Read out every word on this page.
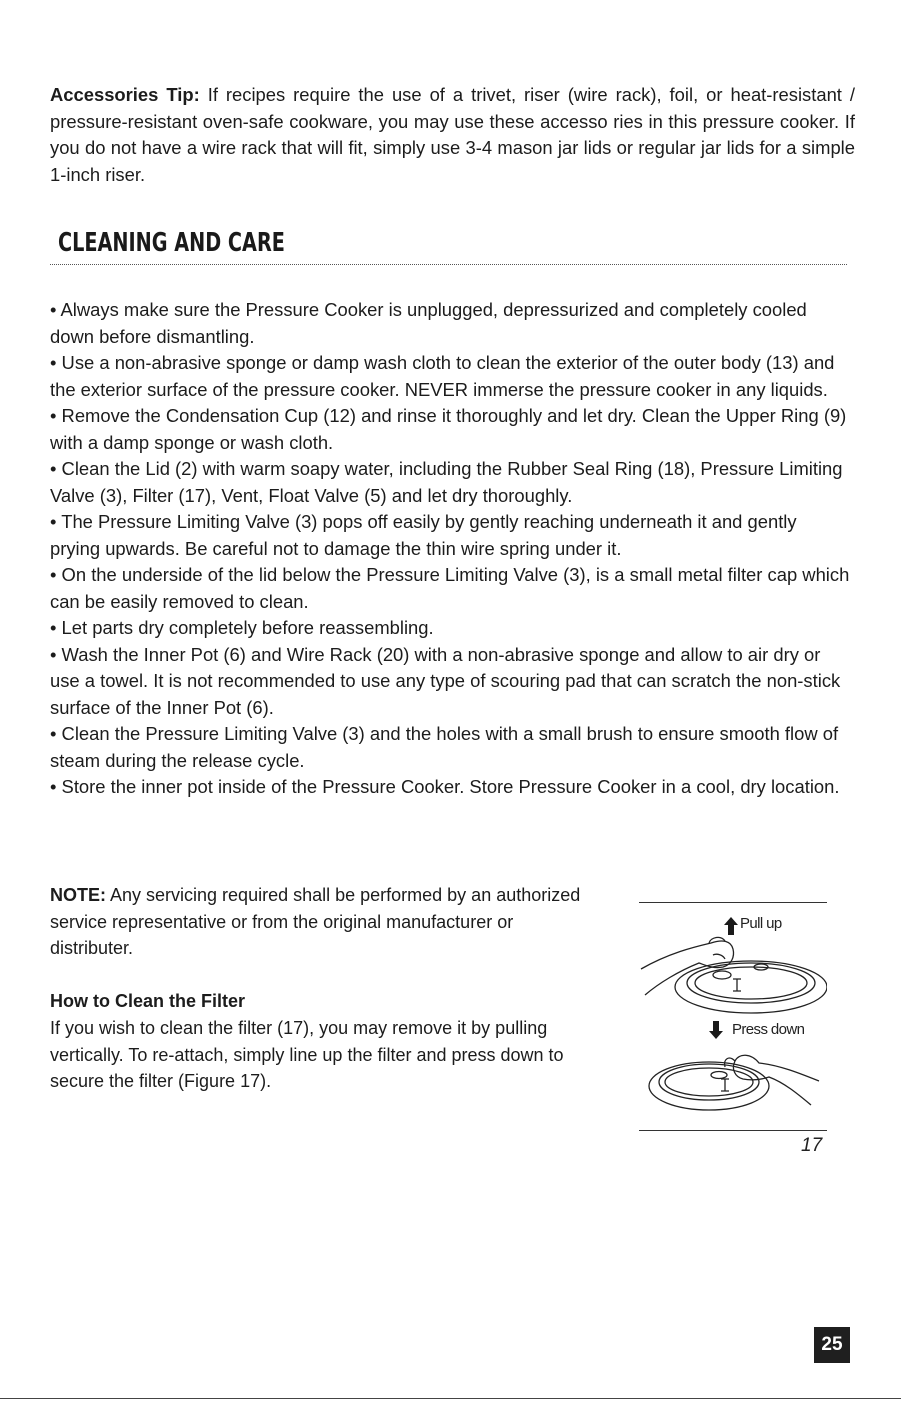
Accessories Tip: If recipes require the use of a trivet, riser (wire rack), foil, or heat-resistant / pressure-resistant oven-safe cookware, you may use these accesso ries in this pressure cooker. If you do not have a wire rack that will fit, simply use 3-4 mason jar lids or regular jar lids for a simple 1-inch riser.

CLEANING AND CARE
• Always make sure the Pressure Cooker is unplugged, depressurized and completely cooled down before dismantling.
• Use a non-abrasive sponge or damp wash cloth to clean the exterior of the outer body (13) and the exterior surface of the pressure cooker. NEVER immerse the pressure cooker in any liquids.
• Remove the Condensation Cup (12) and rinse it thoroughly and let dry. Clean the Upper Ring (9) with a damp sponge or wash cloth.
• Clean the Lid (2) with warm soapy water, including the Rubber Seal Ring (18), Pressure Limiting Valve (3), Filter (17), Vent, Float Valve (5) and let dry thoroughly.
• The Pressure Limiting Valve (3) pops off easily by gently reaching underneath it and gently prying upwards. Be careful not to damage the thin wire spring under it.
• On the underside of the lid below the Pressure Limiting Valve (3), is a small metal filter cap which can be easily removed to clean.
• Let parts dry completely before reassembling.
• Wash the Inner Pot (6) and Wire Rack (20) with a non-abrasive sponge and allow to air dry or use a towel. It is not recommended to use any type of scouring pad that can scratch the non-stick surface of the Inner Pot (6).
• Clean the Pressure Limiting Valve (3) and the holes with a small brush to ensure smooth flow of steam during the release cycle.
• Store the inner pot inside of the Pressure Cooker. Store Pressure Cooker in a cool, dry location.

NOTE: Any servicing required shall be performed by an authorized service representative or from the original manufacturer or distributer.

How to Clean the Filter

If you wish to clean the filter (17), you may remove it by pulling vertically. To re-attach, simply line up the filter and press down to secure the filter (Figure 17).

Pull up
Press down
17
25
